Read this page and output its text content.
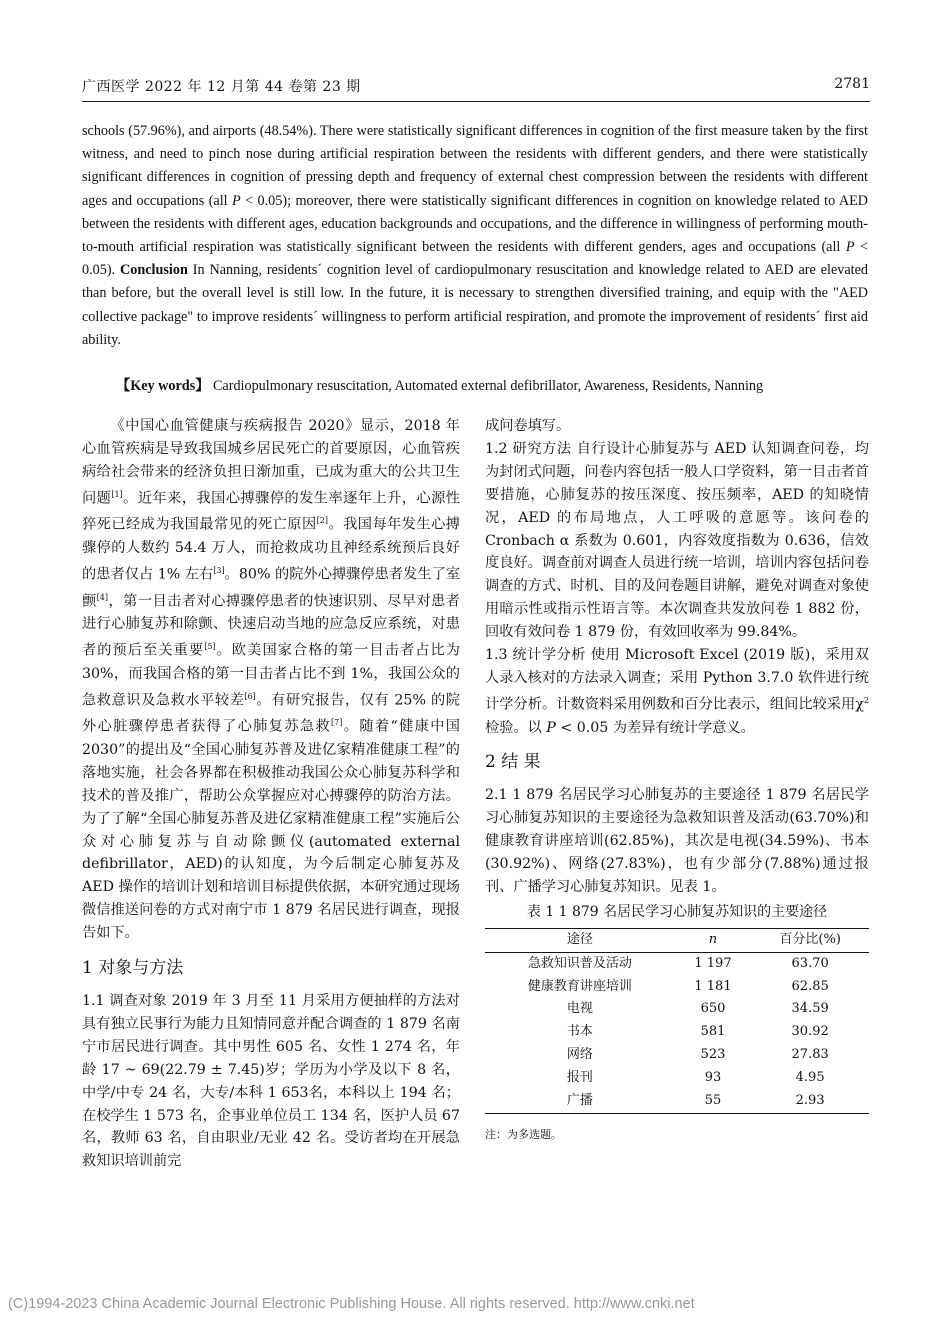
广西医学 2022 年 12 月第 44 卷第 23 期	2781
schools (57.96%), and airports (48.54%). There were statistically significant differences in cognition of the first measure taken by the first witness, and need to pinch nose during artificial respiration between the residents with different genders, and there were statistically significant differences in cognition of pressing depth and frequency of external chest compression between the residents with different ages and occupations (all P < 0.05); moreover, there were statistically significant differences in cognition on knowledge related to AED between the residents with different ages, education backgrounds and occupations, and the difference in willingness of performing mouth-to-mouth artificial respiration was statistically significant between the residents with different genders, ages and occupations (all P < 0.05). Conclusion In Nanning, residents´ cognition level of cardiopulmonary resuscitation and knowledge related to AED are elevated than before, but the overall level is still low. In the future, it is necessary to strengthen diversified training, and equip with the "AED collective package" to improve residents´ willingness to perform artificial respiration, and promote the improvement of residents´ first aid ability.
【Key words】 Cardiopulmonary resuscitation, Automated external defibrillator, Awareness, Residents, Nanning

《中国心血管健康与疾病报告 2020》显示，2018 年心血管疾病是导致我国城乡居民死亡的首要原因，心血管疾病给社会带来的经济负担日渐加重，已成为重大的公共卫生问题[1]。近年来，我国心搏骤停的发生率逐年上升，心源性猝死已经成为我国最常见的死亡原因[2]。我国每年发生心搏骤停的人数约 54.4 万人，而抢救成功且神经系统预后良好的患者仅占 1% 左右[3]。80% 的院外心搏骤停患者发生了室颤[4]，第一目击者对心搏骤停患者的快速识别、尽早对患者进行心肺复苏和除颤、快速启动当地的应急反应系统，对患者的预后至关重要[5]。欧美国家合格的第一目击者占比为 30%，而我国合格的第一目击者占比不到 1%，我国公众的急救意识及急救水平较差[6]。有研究报告，仅有 25% 的院外心脏骤停患者获得了心肺复苏急救[7]。随着“健康中国 2030”的提出及“全国心肺复苏普及进亿家精准健康工程”的落地实施，社会各界都在积极推动我国公众心肺复苏科学和技术的普及推广，帮助公众掌握应对心搏骤停的防治方法。为了了解“全国心肺复苏普及进亿家精准健康工程”实施后公众对心肺复苏与自动除颤仪(automated external defibrillator，AED)的认知度，为今后制定心肺复苏及 AED 操作的培训计划和培训目标提供依据，本研究通过现场微信推送问卷的方式对南宁市 1 879 名居民进行调查，现报告如下。

1 对象与方法

1.1 调查对象 2019 年 3 月至 11 月采用方便抽样的方法对具有独立民事行为能力且知情同意并配合调查的 1 879 名南宁市居民进行调查。其中男性 605 名、女性 1 274 名，年龄 17 ~ 69(22.79 ± 7.45)岁；学历为小学及以下 8 名，中学/中专 24 名，大专/本科 1 653名，本科以上 194 名；在校学生 1 573 名，企事业单位员工 134 名，医护人员 67 名，教师 63 名，自由职业/无业 42 名。受访者均在开展急救知识培训前完

成问卷填写。

1.2 研究方法 自行设计心肺复苏与 AED 认知调查问卷，均为封闭式问题，问卷内容包括一般人口学资料，第一目击者首要措施，心肺复苏的按压深度、按压频率，AED 的知晓情况，AED 的布局地点，人工呼吸的意愿等。该问卷的 Cronbach α 系数为 0.601，内容效度指数为 0.636，信效度良好。调查前对调查人员进行统一培训，培训内容包括问卷调查的方式、时机、目的及问卷题目讲解，避免对调查对象使用暗示性或指示性语言等。本次调查共发放问卷 1 882 份，回收有效问卷 1 879 份，有效回收率为 99.84%。

1.3 统计学分析 使用 Microsoft Excel (2019 版)，采用双人录入核对的方法录入调查；采用 Python 3.7.0 软件进行统计学分析。计数资料采用例数和百分比表示，组间比较采用$\chi^2$ 检验。以 P < 0.05 为差异有统计学意义。

2 结 果

2.1 1 879 名居民学习心肺复苏的主要途径 1 879 名居民学习心肺复苏知识的主要途径为急救知识普及活动(63.70%)和健康教育讲座培训(62.85%)，其次是电视(34.59%)、书本(30.92%)、网络(27.83%)，也有少部分(7.88%)通过报刊、广播学习心肺复苏知识。见表 1。

表 1 1 879 名居民学习心肺复苏知识的主要途径
途径	n	百分比(%)
急救知识普及活动	1 197	63.70
健康教育讲座培训	1 181	62.85
电视	650	34.59
书本	581	30.92
网络	523	27.83
报刊	93	4.95
广播	55	2.93
注：为多选题。
(C)1994-2023 China Academic Journal Electronic Publishing House. All rights reserved. http://www.cnki.net
